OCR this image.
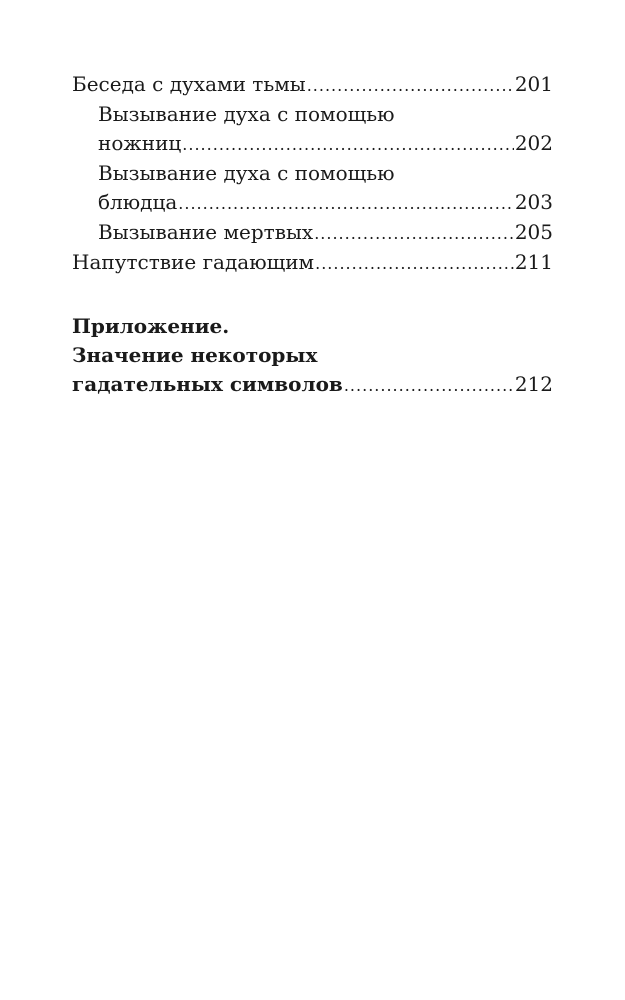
Беседа с духами тьмы .....	201
Вызывание духа с помощью
ножниц .....	202
Вызывание духа с помощью
блюдца .....	203
Вызывание мертвых .....	205
Напутствие гадающим .....	211
Приложение.
Значение некоторых
гадательных символов .....	212
